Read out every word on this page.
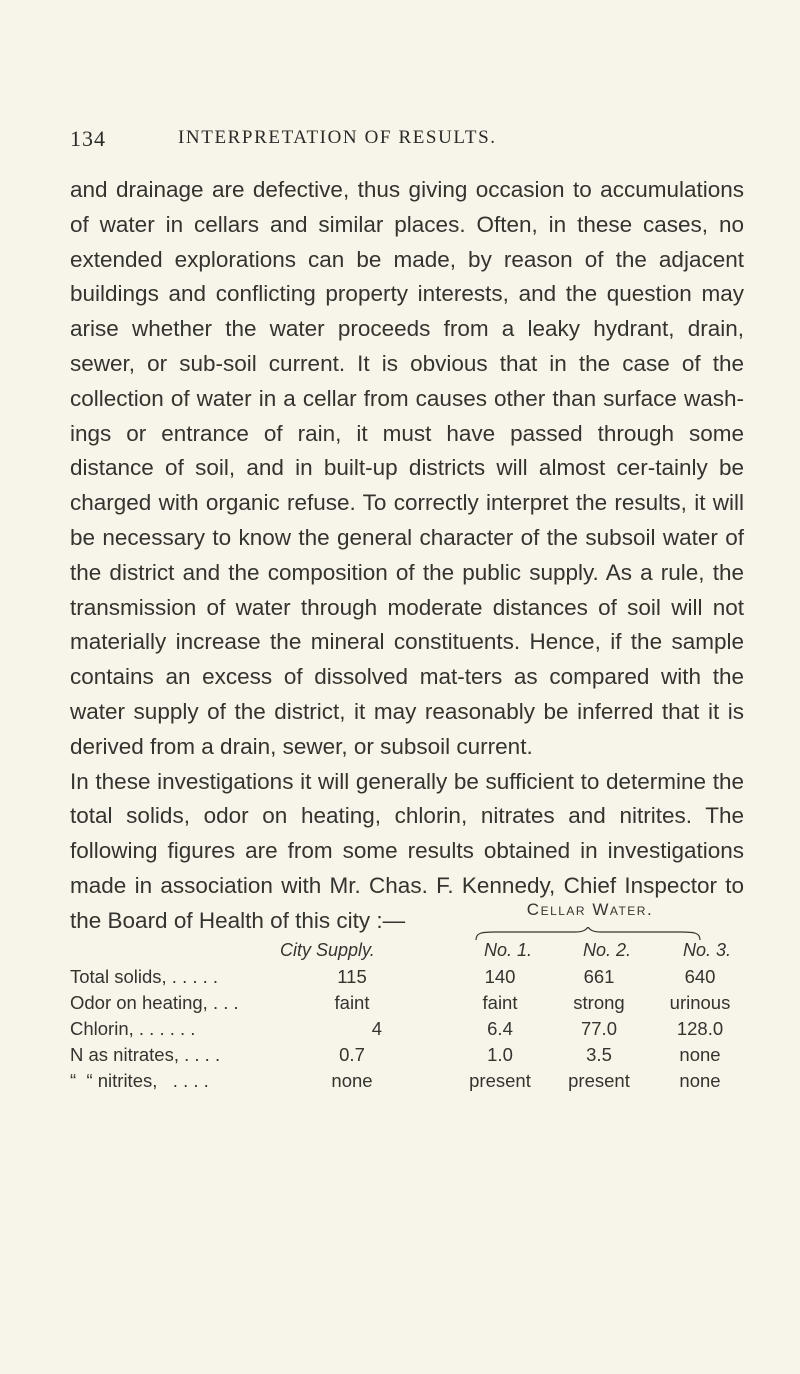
134	INTERPRETATION OF RESULTS.

and drainage are defective, thus giving occasion to accumulations of water in cellars and similar places. Often, in these cases, no extended explorations can be made, by reason of the adjacent buildings and conflicting property interests, and the question may arise whether the water proceeds from a leaky hydrant, drain, sewer, or sub-soil current. It is obvious that in the case of the collection of water in a cellar from causes other than surface wash-ings or entrance of rain, it must have passed through some distance of soil, and in built-up districts will almost cer-tainly be charged with organic refuse. To correctly interpret the results, it will be necessary to know the general character of the subsoil water of the district and the composition of the public supply. As a rule, the transmission of water through moderate distances of soil will not materially increase the mineral constituents. Hence, if the sample contains an excess of dissolved mat-ters as compared with the water supply of the district, it may reasonably be inferred that it is derived from a drain, sewer, or subsoil current.

In these investigations it will generally be sufficient to determine the total solids, odor on heating, chlorin, nitrates and nitrites. The following figures are from some results obtained in investigations made in association with Mr. Chas. F. Kennedy, Chief Inspector to the Board of Health of this city :—	Cellar Water.
City Supply.	No. 1.	No. 2.	No. 3.
Total solids, . . . . .	115	140	661	640
Odor on heating, . . .	faint	faint	strong	urinous
Chlorin, . . . . . .	4	6.4	77.0	128.0
N as nitrates, . . . .	0.7	1.0	3.5	none
“  “ nitrites,   . . . .	none	present	present	none
